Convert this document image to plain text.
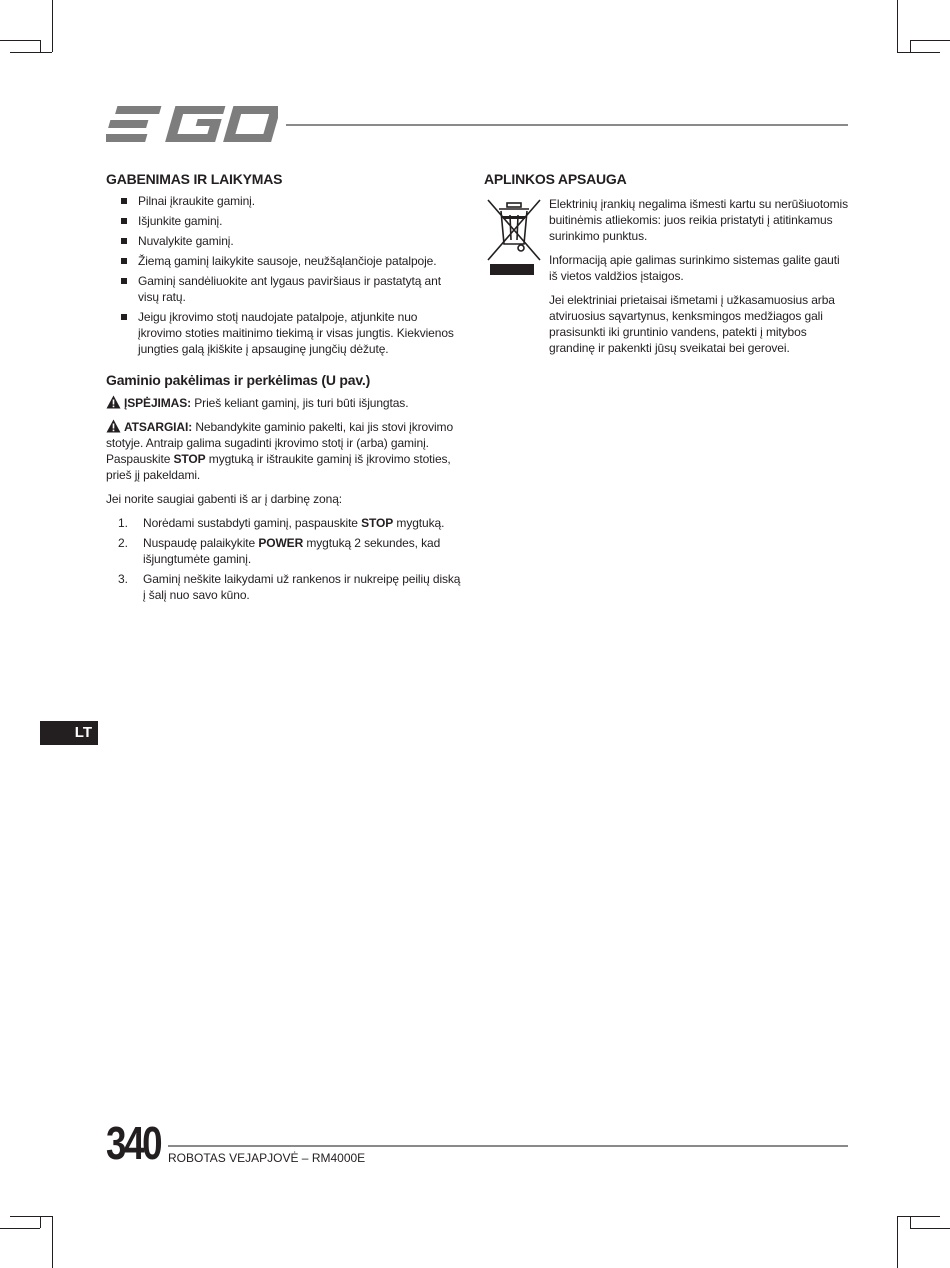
GABENIMAS IR LAIKYMAS
Pilnai įkraukite gaminį.
Išjunkite gaminį.
Nuvalykite gaminį.
Žiemą gaminį laikykite sausoje, neužšąlančioje patalpoje.
Gaminį sandėliuokite ant lygaus paviršiaus ir pastatytą ant visų ratų.
Jeigu įkrovimo stotį naudojate patalpoje, atjunkite nuo įkrovimo stoties maitinimo tiekimą ir visas jungtis. Kiekvienos jungties galą įkiškite į apsauginę jungčių dėžutę.
Gaminio pakėlimas ir perkėlimas (U pav.)

ĮSPĖJIMAS: Prieš keliant gaminį, jis turi būti išjungtas.

ATSARGIAI: Nebandykite gaminio pakelti, kai jis stovi įkrovimo stotyje. Antraip galima sugadinti įkrovimo stotį ir (arba) gaminį. Paspauskite STOP mygtuką ir ištraukite gaminį iš įkrovimo stoties, prieš jį pakeldami.

Jei norite saugiai gabenti iš ar į darbinę zoną:

1. Norėdami sustabdyti gaminį, paspauskite STOP mygtuką.
2. Nuspaudę palaikykite POWER mygtuką 2 sekundes, kad išjungtumėte gaminį.
3. Gaminį neškite laikydami už rankenos ir nukreipę peilių diską į šalį nuo savo kūno.
APLINKOS APSAUGA

Elektrinių įrankių negalima išmesti kartu su nerūšiuotomis buitinėmis atliekomis: juos reikia pristatyti į atitinkamus surinkimo punktus.

Informaciją apie galimas surinkimo sistemas galite gauti iš vietos valdžios įstaigos.

Jei elektriniai prietaisai išmetami į užkasamuosius arba atviruosius sąvartynus, kenksmingos medžiagos gali prasisunkti iki gruntinio vandens, patekti į mitybos grandinę ir pakenkti jūsų sveikatai bei gerovei.

LT
340 ROBOTAS VEJAPJOVĖ – RM4000E
